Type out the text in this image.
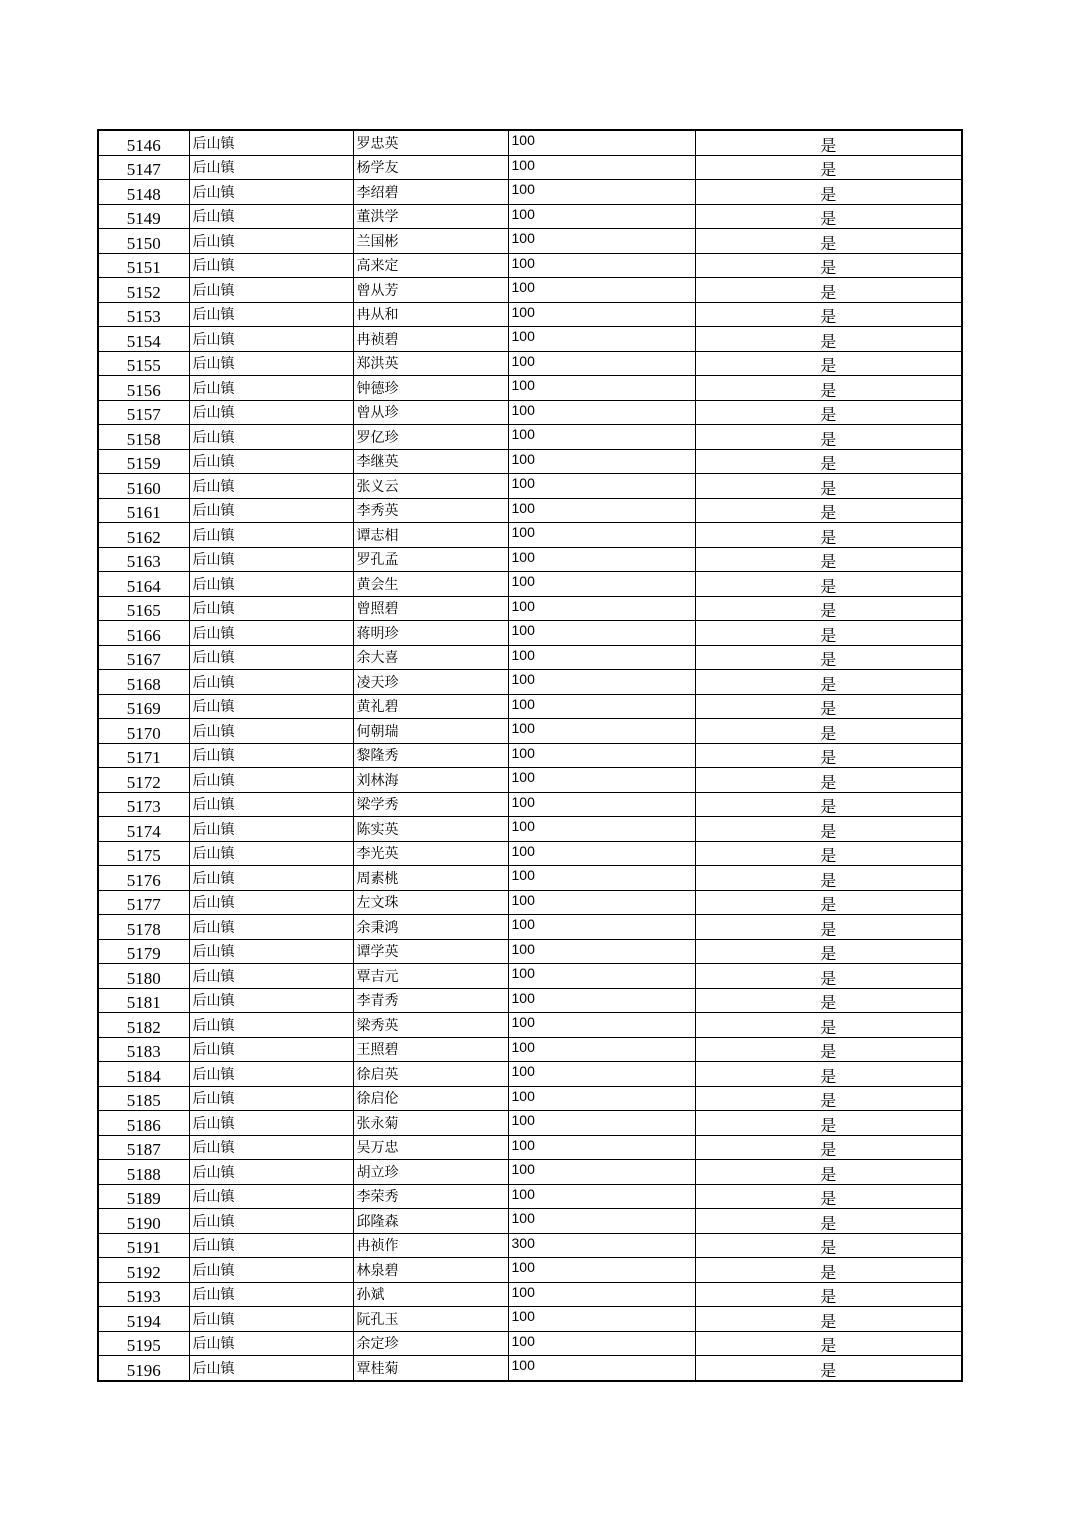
5146	后山镇	罗忠英	100	是
5147	后山镇	杨学友	100	是
5148	后山镇	李绍碧	100	是
5149	后山镇	董洪学	100	是
5150	后山镇	兰国彬	100	是
5151	后山镇	高来定	100	是
5152	后山镇	曾从芳	100	是
5153	后山镇	冉从和	100	是
5154	后山镇	冉祯碧	100	是
5155	后山镇	郑洪英	100	是
5156	后山镇	钟德珍	100	是
5157	后山镇	曾从珍	100	是
5158	后山镇	罗亿珍	100	是
5159	后山镇	李继英	100	是
5160	后山镇	张义云	100	是
5161	后山镇	李秀英	100	是
5162	后山镇	谭志相	100	是
5163	后山镇	罗孔孟	100	是
5164	后山镇	黄会生	100	是
5165	后山镇	曾照碧	100	是
5166	后山镇	蒋明珍	100	是
5167	后山镇	余大喜	100	是
5168	后山镇	凌天珍	100	是
5169	后山镇	黄礼碧	100	是
5170	后山镇	何朝瑞	100	是
5171	后山镇	黎隆秀	100	是
5172	后山镇	刘林海	100	是
5173	后山镇	梁学秀	100	是
5174	后山镇	陈实英	100	是
5175	后山镇	李光英	100	是
5176	后山镇	周素桃	100	是
5177	后山镇	左文珠	100	是
5178	后山镇	余秉鸿	100	是
5179	后山镇	谭学英	100	是
5180	后山镇	覃吉元	100	是
5181	后山镇	李青秀	100	是
5182	后山镇	梁秀英	100	是
5183	后山镇	王照碧	100	是
5184	后山镇	徐启英	100	是
5185	后山镇	徐启伦	100	是
5186	后山镇	张永菊	100	是
5187	后山镇	吴万忠	100	是
5188	后山镇	胡立珍	100	是
5189	后山镇	李荣秀	100	是
5190	后山镇	邱隆森	100	是
5191	后山镇	冉祯作	300	是
5192	后山镇	林泉碧	100	是
5193	后山镇	孙斌	100	是
5194	后山镇	阮孔玉	100	是
5195	后山镇	余定珍	100	是
5196	后山镇	覃桂菊	100	是
